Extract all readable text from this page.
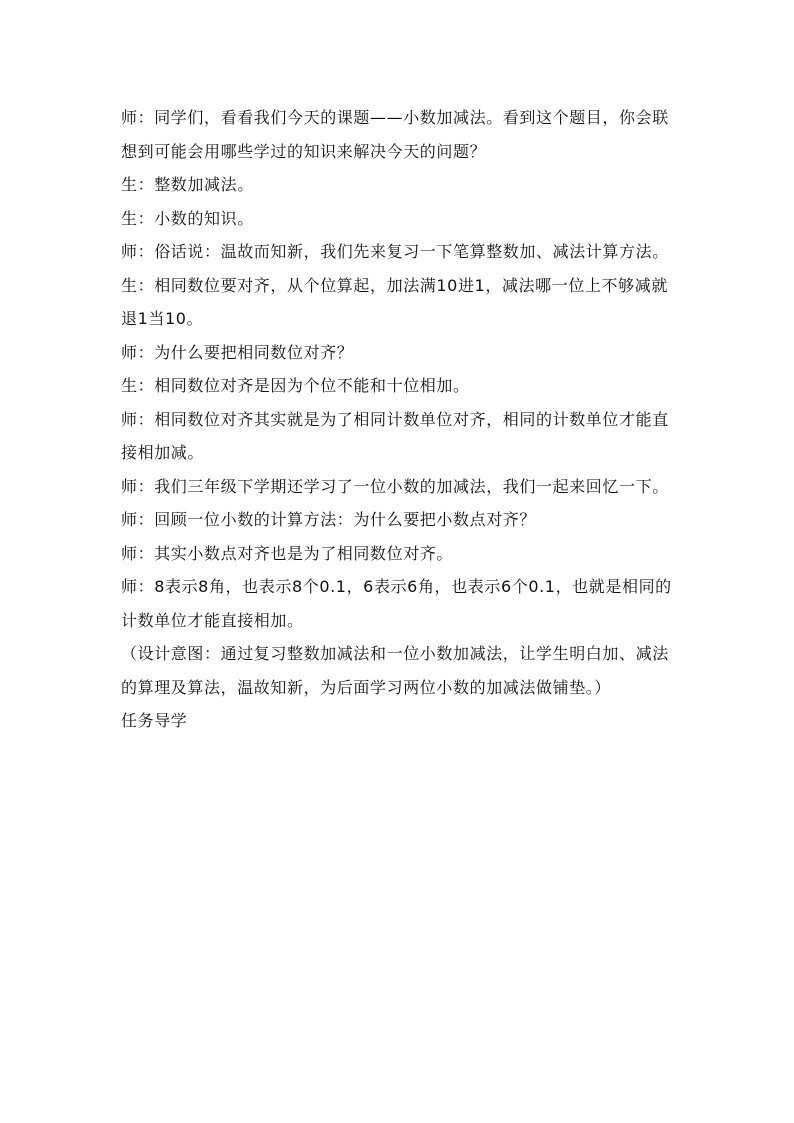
师：同学们，看看我们今天的课题——小数加减法。看到这个题目，你会联想到可能会用哪些学过的知识来解决今天的问题？

生：整数加减法。

生：小数的知识。

师：俗话说：温故而知新，我们先来复习一下笔算整数加、减法计算方法。

生：相同数位要对齐，从个位算起，加法满10进1，减法哪一位上不够减就退1当10。

师：为什么要把相同数位对齐？

生：相同数位对齐是因为个位不能和十位相加。

师：相同数位对齐其实就是为了相同计数单位对齐，相同的计数单位才能直接相加减。

师：我们三年级下学期还学习了一位小数的加减法，我们一起来回忆一下。

师：回顾一位小数的计算方法：为什么要把小数点对齐？

师：其实小数点对齐也是为了相同数位对齐。

师：8表示8角，也表示8个0.1，6表示6角，也表示6个0.1，也就是相同的计数单位才能直接相加。

（设计意图：通过复习整数加减法和一位小数加减法，让学生明白加、减法的算理及算法，温故知新，为后面学习两位小数的加减法做铺垫。）

任务导学
